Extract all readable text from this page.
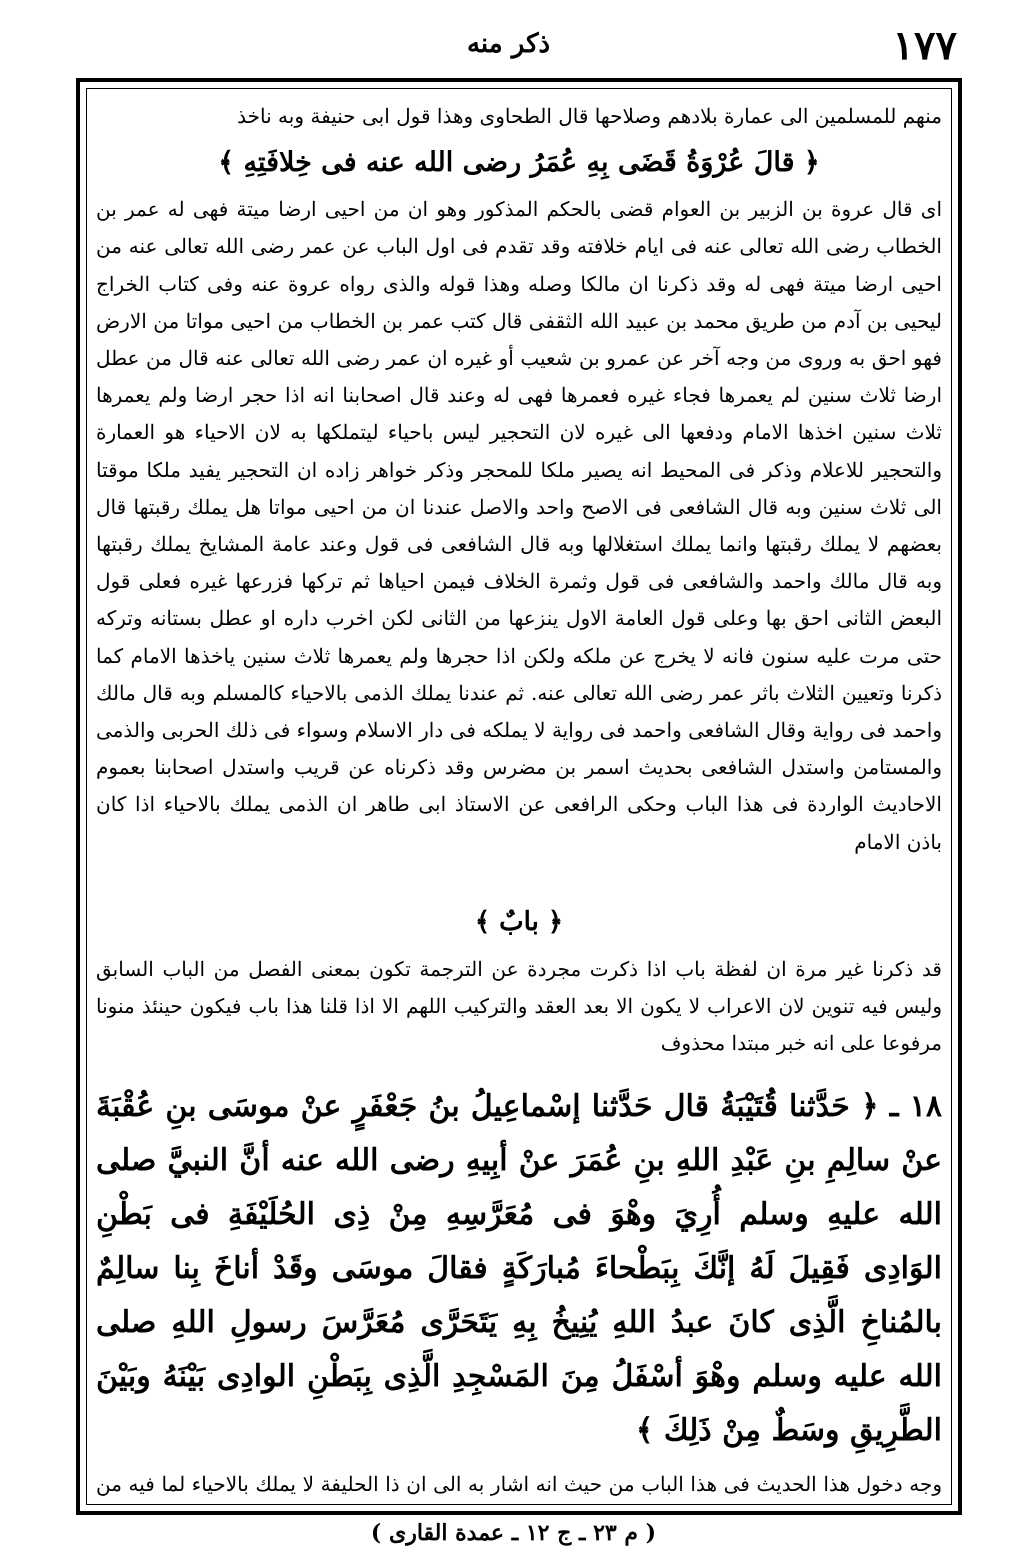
ذكر منه	١٧٧

منهم للمسلمين الى عمارة بلادهم وصلاحها قال الطحاوى وهذا قول ابى حنيفة وبه ناخذ

﴿ قالَ عُرْوَةُ قَضَى بِهِ عُمَرُ رضى الله عنه فى خِلافَتِهِ ﴾

اى قال عروة بن الزبير بن العوام قضى بالحكم المذكور وهو ان من احيى ارضا ميتة فهى له عمر بن الخطاب رضى الله تعالى عنه فى ايام خلافته وقد تقدم فى اول الباب عن عمر رضى الله تعالى عنه من احيى ارضا ميتة فهى له وقد ذكرنا ان مالكا وصله وهذا قوله والذى رواه عروة عنه وفى كتاب الخراج ليحيى بن آدم من طريق محمد بن عبيد الله الثقفى قال كتب عمر بن الخطاب من احيى مواتا من الارض فهو احق به وروى من وجه آخر عن عمرو بن شعيب أو غيره ان عمر رضى الله تعالى عنه قال من عطل ارضا ثلاث سنين لم يعمرها فجاء غيره فعمرها فهى له وعند قال اصحابنا انه اذا حجر ارضا ولم يعمرها ثلاث سنين اخذها الامام ودفعها الى غيره لان التحجير ليس باحياء ليتملكها به لان الاحياء هو العمارة والتحجير للاعلام وذكر فى المحيط انه يصير ملكا للمحجر وذكر خواهر زاده ان التحجير يفيد ملكا موقتا الى ثلاث سنين وبه قال الشافعى فى الاصح واحد والاصل عندنا ان من احيى مواتا هل يملك رقبتها قال بعضهم لا يملك رقبتها وانما يملك استغلالها وبه قال الشافعى فى قول وعند عامة المشايخ يملك رقبتها وبه قال مالك واحمد والشافعى فى قول وثمرة الخلاف فيمن احياها ثم تركها فزرعها غيره فعلى قول البعض الثانى احق بها وعلى قول العامة الاول ينزعها من الثانى لكن اخرب داره او عطل بستانه وتركه حتى مرت عليه سنون فانه لا يخرج عن ملكه ولكن اذا حجرها ولم يعمرها ثلاث سنين ياخذها الامام كما ذكرنا وتعيين الثلاث باثر عمر رضى الله تعالى عنه. ثم عندنا يملك الذمى بالاحياء كالمسلم وبه قال مالك واحمد فى رواية وقال الشافعى واحمد فى رواية لا يملكه فى دار الاسلام وسواء فى ذلك الحربى والذمى والمستامن واستدل الشافعى بحديث اسمر بن مضرس وقد ذكرناه عن قريب واستدل اصحابنا بعموم الاحاديث الواردة فى هذا الباب وحكى الرافعى عن الاستاذ ابى طاهر ان الذمى يملك بالاحياء اذا كان باذن الامام

﴿ بابٌ ﴾

قد ذكرنا غير مرة ان لفظة باب اذا ذكرت مجردة عن الترجمة تكون بمعنى الفصل من الباب السابق وليس فيه تنوين لان الاعراب لا يكون الا بعد العقد والتركيب اللهم الا اذا قلنا هذا باب فيكون حينئذ منونا مرفوعا على انه خبر مبتدا محذوف

١٨ ـ ﴿ حَدَّثنا قُتَيْبَةُ قال حَدَّثنا إسْماعِيلُ بنُ جَعْفَرٍ عنْ موسَى بنِ عُقْبَةَ عنْ سالِمِ بنِ عَبْدِ اللهِ بنِ عُمَرَ عنْ أبِيهِ رضى الله عنه أنَّ النبيَّ صلى الله عليهِ وسلم أُرِيَ وهْوَ فى مُعَرَّسِهِ مِنْ ذِى الحُلَيْفَةِ فى بَطْنِ الوَادِى فَقِيلَ لَهُ إنَّكَ بِبَطْحاءَ مُبارَكَةٍ فقالَ موسَى وقَدْ أناخَ بِنا سالِمٌ بالمُناخِ الَّذِى كانَ عبدُ اللهِ يُنِيخُ بِهِ يَتَحَرَّى مُعَرَّسَ رسولِ اللهِ صلى الله عليه وسلم وهْوَ أسْفَلُ مِنَ المَسْجِدِ الَّذِى بِبَطْنِ الوادِى بَيْنَهُ وبَيْنَ الطَّرِيقِ وسَطٌ مِنْ ذَلِكَ ﴾

وجه دخول هذا الحديث فى هذا الباب من حيث انه اشار به الى ان ذا الحليفة لا يملك بالاحياء لما فيه من

( م ٢٣ ـ ج ١٢ ـ عمدة القارى )
